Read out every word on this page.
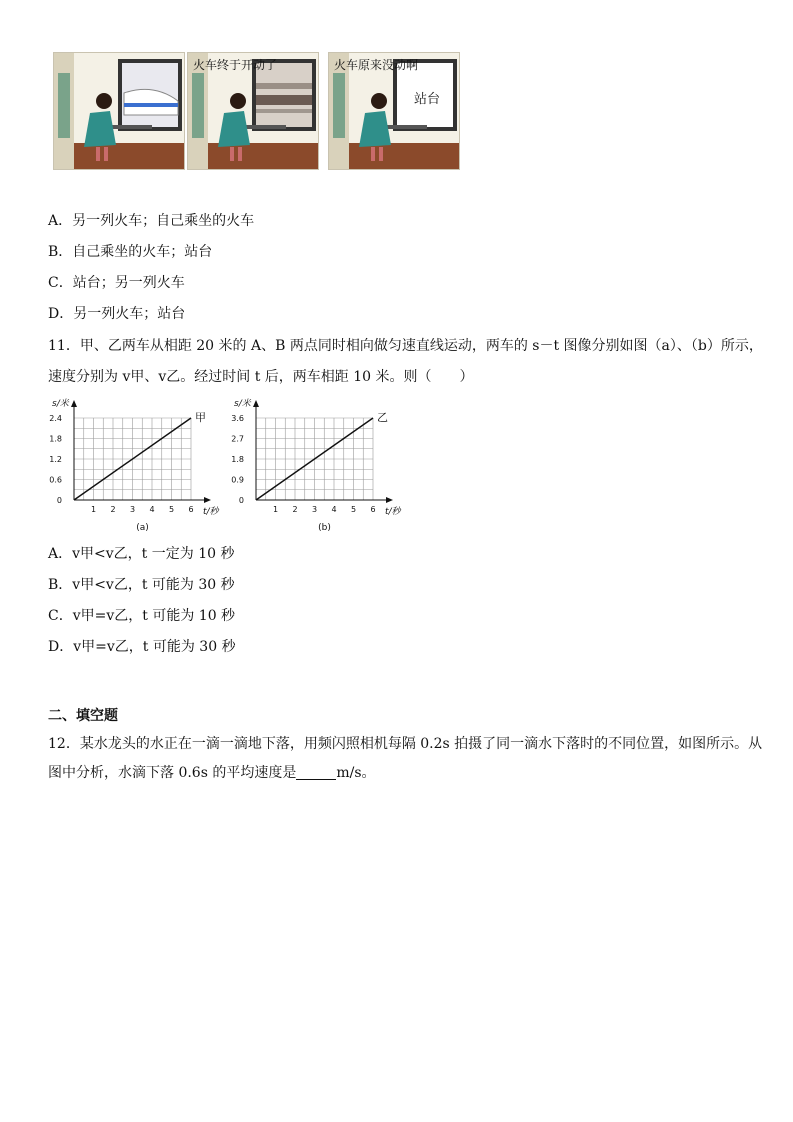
火车终于开动了	火车原来没动啊
站台
A．另一列火车；自己乘坐的火车
B．自己乘坐的火车；站台
C．站台；另一列火车
D．另一列火车；站台
11．甲、乙两车从相距 20 米的 A、B 两点同时相向做匀速直线运动，两车的 s－t 图像分别如图（a）、（b）所示，
速度分别为 v甲、v乙。经过时间 t 后，两车相距 10 米。则（　　）
1 2 3 4 5 6
0
0.6
1.2
1.8
2.4
t/秒
s/米
甲
(a)
1 2 3 4 5 6
0
0.9
1.8
2.7
3.6
t/秒
s/米
乙
(b)
A．v甲<v乙，t 一定为 10 秒
B．v甲<v乙，t 可能为 30 秒
C．v甲=v乙，t 可能为 10 秒
D．v甲=v乙，t 可能为 30 秒
二、填空题
12．某水龙头的水正在一滴一滴地下落，用频闪照相机每隔 0.2s 拍摄了同一滴水下落时的不同位置，如图所示。从
图中分析，水滴下落 0.6s 的平均速度是	m/s。
